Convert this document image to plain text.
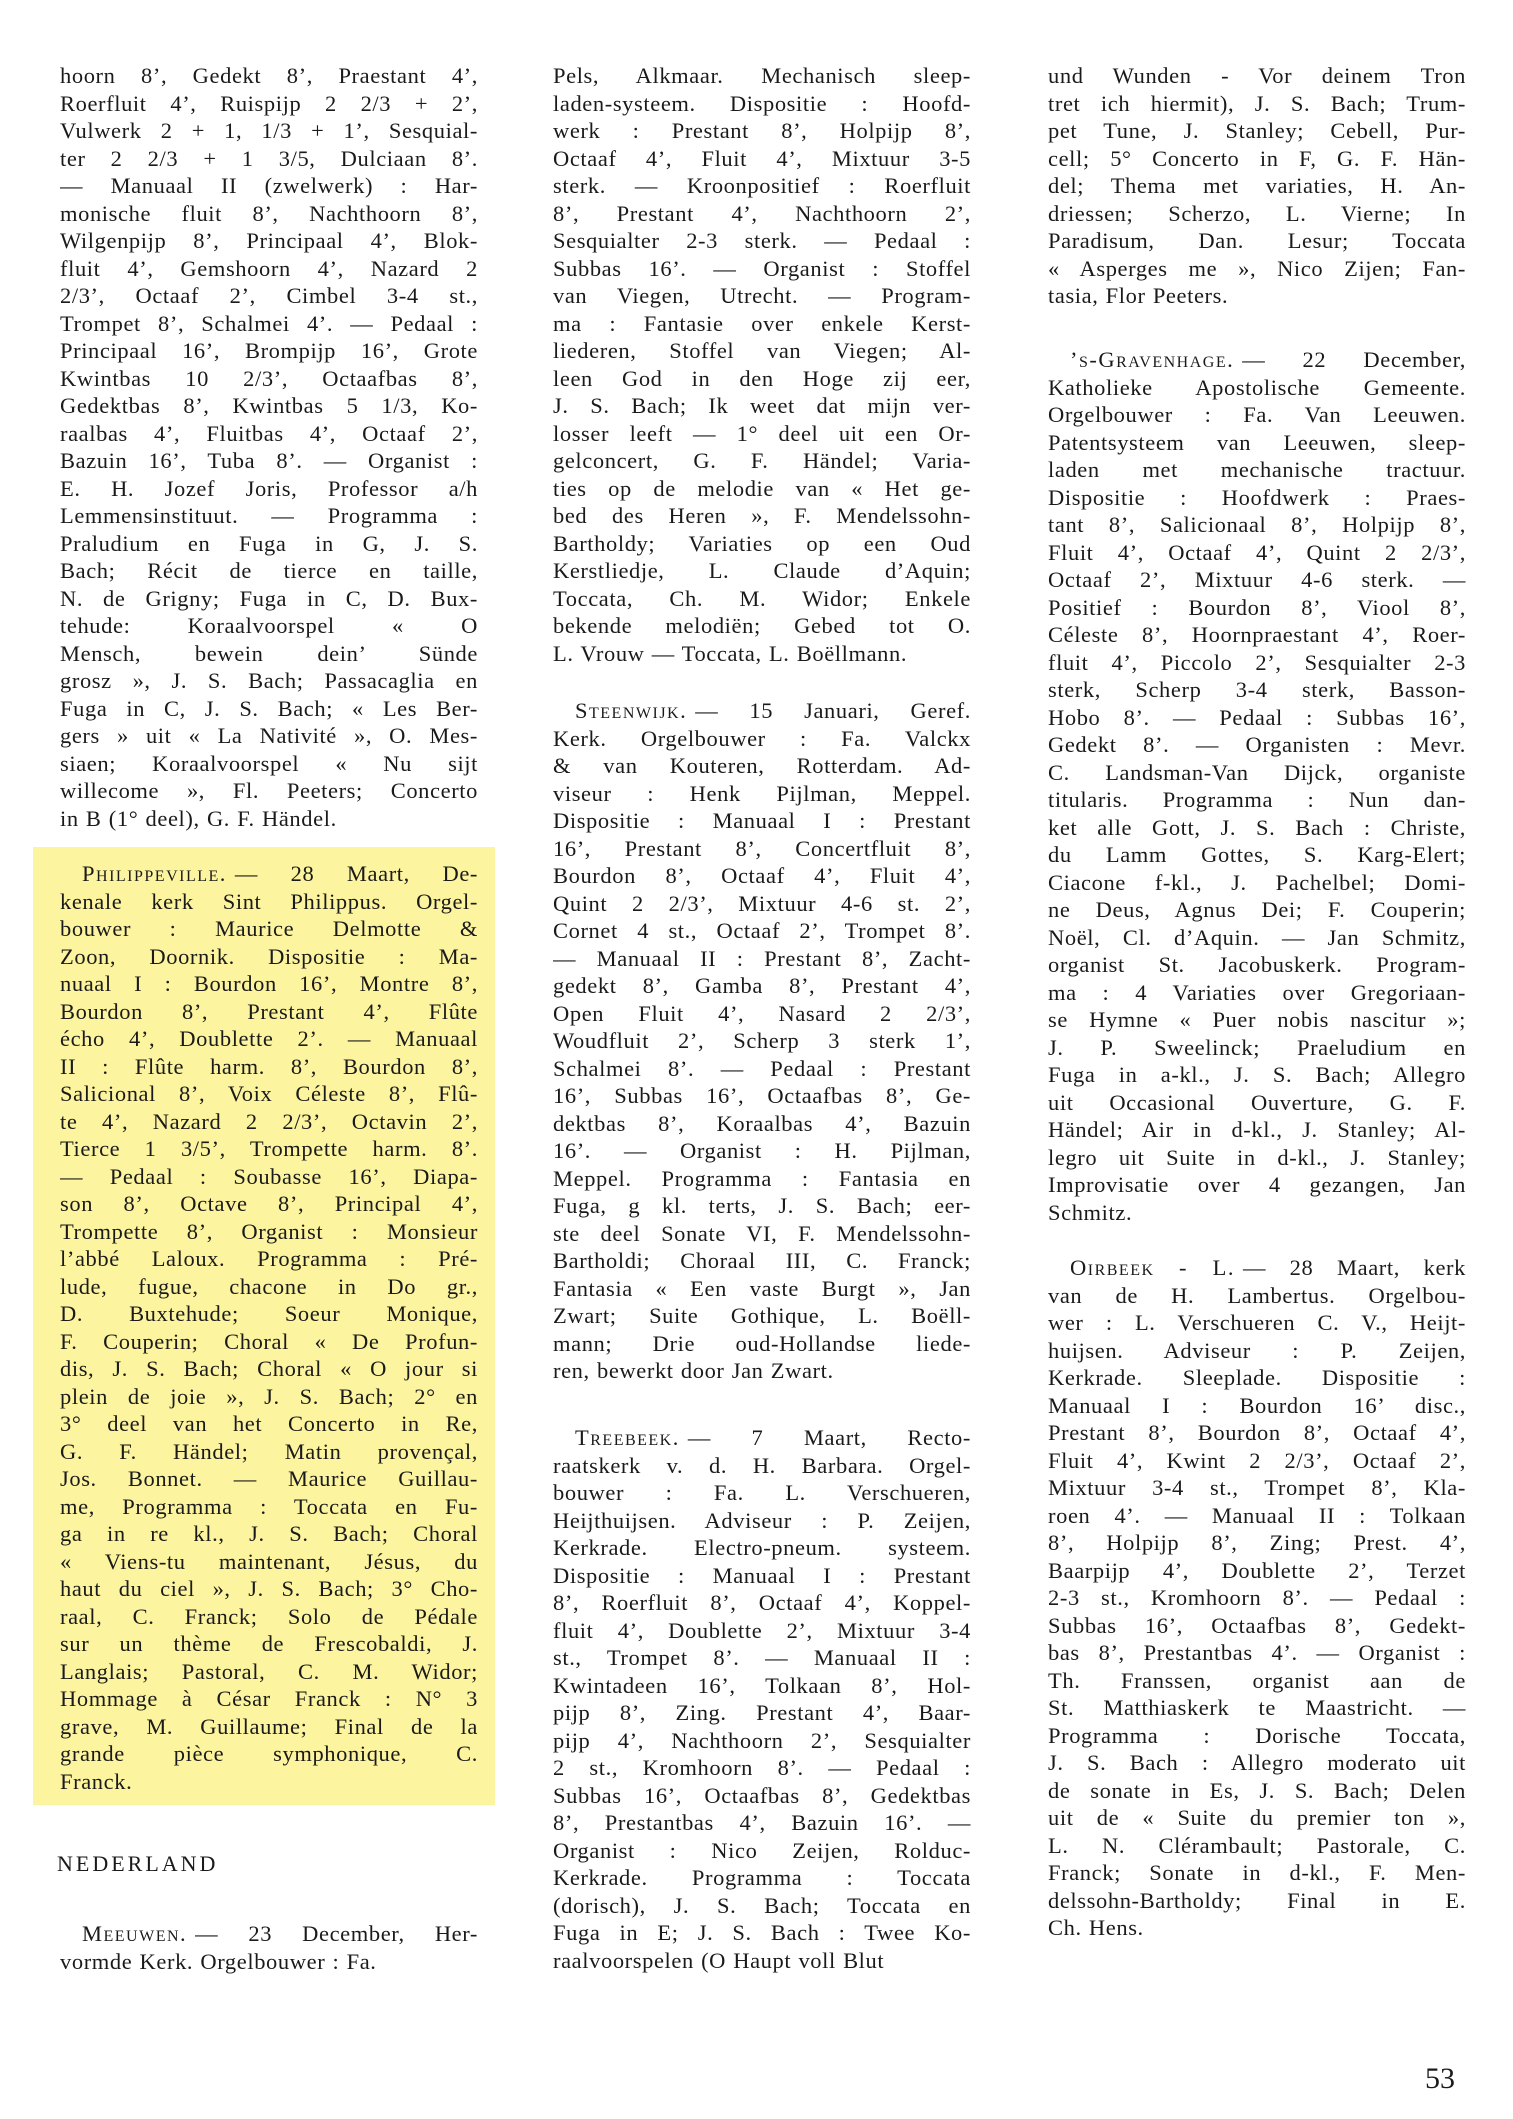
hoorn 8’, Gedekt 8’, Praestant 4’,
Roerfluit 4’, Ruispijp 2 2/3 + 2’,
Vulwerk 2 + 1, 1/3 + 1’, Sesquial-
ter 2 2/3 + 1 3/5, Dulciaan 8’.
— Manuaal II (zwelwerk) : Har-
monische fluit 8’, Nachthoorn 8’,
Wilgenpijp 8’, Principaal 4’, Blok-
fluit 4’, Gemshoorn 4’, Nazard 2
2/3’, Octaaf 2’, Cimbel 3-4 st.,
Trompet 8’, Schalmei 4’. — Pedaal :
Principaal 16’, Brompijp 16’, Grote
Kwintbas 10 2/3’, Octaafbas 8’,
Gedektbas 8’, Kwintbas 5 1/3, Ko-
raalbas 4’, Fluitbas 4’, Octaaf 2’,
Bazuin 16’, Tuba 8’. — Organist :
E. H. Jozef Joris, Professor a/h
Lemmensinstituut. — Programma :
Praludium en Fuga in G, J. S.
Bach; Récit de tierce en taille,
N. de Grigny; Fuga in C, D. Bux-
tehude: Koraalvoorspel « O
Mensch, bewein dein’ Sünde
grosz », J. S. Bach; Passacaglia en
Fuga in C, J. S. Bach; « Les Ber-
gers » uit « La Nativité », O. Mes-
siaen; Koraalvoorspel « Nu sijt
willecome », Fl. Peeters; Concerto
in B (1° deel), G. F. Händel.
Philippeville. — 28 Maart, De-
kenale kerk Sint Philippus. Orgel-
bouwer : Maurice Delmotte &
Zoon, Doornik. Dispositie : Ma-
nuaal I : Bourdon 16’, Montre 8’,
Bourdon 8’, Prestant 4’, Flûte
écho 4’, Doublette 2’. — Manuaal
II : Flûte harm. 8’, Bourdon 8’,
Salicional 8’, Voix Céleste 8’, Flû-
te 4’, Nazard 2 2/3’, Octavin 2’,
Tierce 1 3/5’, Trompette harm. 8’.
— Pedaal : Soubasse 16’, Diapa-
son 8’, Octave 8’, Principal 4’,
Trompette 8’, Organist : Monsieur
l’abbé Laloux. Programma : Pré-
lude, fugue, chacone in Do gr.,
D. Buxtehude; Soeur Monique,
F. Couperin; Choral « De Profun-
dis, J. S. Bach; Choral « O jour si
plein de joie », J. S. Bach; 2° en
3° deel van het Concerto in Re,
G. F. Händel; Matin provençal,
Jos. Bonnet. — Maurice Guillau-
me, Programma : Toccata en Fu-
ga in re kl., J. S. Bach; Choral
« Viens-tu maintenant, Jésus, du
haut du ciel », J. S. Bach; 3° Cho-
raal, C. Franck; Solo de Pédale
sur un thème de Frescobaldi, J.
Langlais; Pastoral, C. M. Widor;
Hommage à César Franck : N° 3
grave, M. Guillaume; Final de la
grande pièce symphonique, C.
Franck.
Meeuwen. — 23 December, Her-
vormde Kerk. Orgelbouwer : Fa.
NEDERLAND
Pels, Alkmaar. Mechanisch sleep-
laden-systeem. Dispositie : Hoofd-
werk : Prestant 8’, Holpijp 8’,
Octaaf 4’, Fluit 4’, Mixtuur 3-5
sterk. — Kroonpositief : Roerfluit
8’, Prestant 4’, Nachthoorn 2’,
Sesquialter 2-3 sterk. — Pedaal :
Subbas 16’. — Organist : Stoffel
van Viegen, Utrecht. — Program-
ma : Fantasie over enkele Kerst-
liederen, Stoffel van Viegen; Al-
leen God in den Hoge zij eer,
J. S. Bach; Ik weet dat mijn ver-
losser leeft — 1° deel uit een Or-
gelconcert, G. F. Händel; Varia-
ties op de melodie van « Het ge-
bed des Heren », F. Mendelssohn-
Bartholdy; Variaties op een Oud
Kerstliedje, L. Claude d’Aquin;
Toccata, Ch. M. Widor; Enkele
bekende melodiën; Gebed tot O.
L. Vrouw — Toccata, L. Boëllmann.
Steenwijk. — 15 Januari, Geref.
Kerk. Orgelbouwer : Fa. Valckx
& van Kouteren, Rotterdam. Ad-
viseur : Henk Pijlman, Meppel.
Dispositie : Manuaal I : Prestant
16’, Prestant 8’, Concertfluit 8’,
Bourdon 8’, Octaaf 4’, Fluit 4’,
Quint 2 2/3’, Mixtuur 4-6 st. 2’,
Cornet 4 st., Octaaf 2’, Trompet 8’.
— Manuaal II : Prestant 8’, Zacht-
gedekt 8’, Gamba 8’, Prestant 4’,
Open Fluit 4’, Nasard 2 2/3’,
Woudfluit 2’, Scherp 3 sterk 1’,
Schalmei 8’. — Pedaal : Prestant
16’, Subbas 16’, Octaafbas 8’, Ge-
dektbas 8’, Koraalbas 4’, Bazuin
16’. — Organist : H. Pijlman,
Meppel. Programma : Fantasia en
Fuga, g kl. terts, J. S. Bach; eer-
ste deel Sonate VI, F. Mendelssohn-
Bartholdi; Choraal III, C. Franck;
Fantasia « Een vaste Burgt », Jan
Zwart; Suite Gothique, L. Boëll-
mann; Drie oud-Hollandse liede-
ren, bewerkt door Jan Zwart.
Treebeek. — 7 Maart, Recto-
raatskerk v. d. H. Barbara. Orgel-
bouwer : Fa. L. Verschueren,
Heijthuijsen. Adviseur : P. Zeijen,
Kerkrade. Electro-pneum. systeem.
Dispositie : Manuaal I : Prestant
8’, Roerfluit 8’, Octaaf 4’, Koppel-
fluit 4’, Doublette 2’, Mixtuur 3-4
st., Trompet 8’. — Manuaal II :
Kwintadeen 16’, Tolkaan 8’, Hol-
pijp 8’, Zing. Prestant 4’, Baar-
pijp 4’, Nachthoorn 2’, Sesquialter
2 st., Kromhoorn 8’. — Pedaal :
Subbas 16’, Octaafbas 8’, Gedektbas
8’, Prestantbas 4’, Bazuin 16’. —
Organist : Nico Zeijen, Rolduc-
Kerkrade. Programma : Toccata
(dorisch), J. S. Bach; Toccata en
Fuga in E; J. S. Bach : Twee Ko-
raalvoorspelen (O Haupt voll Blut
und Wunden - Vor deinem Tron
tret ich hiermit), J. S. Bach; Trum-
pet Tune, J. Stanley; Cebell, Pur-
cell; 5° Concerto in F, G. F. Hän-
del; Thema met variaties, H. An-
driessen; Scherzo, L. Vierne; In
Paradisum, Dan. Lesur; Toccata
« Asperges me », Nico Zijen; Fan-
tasia, Flor Peeters.
’s-Gravenhage. — 22 December,
Katholieke Apostolische Gemeente.
Orgelbouwer : Fa. Van Leeuwen.
Patentsysteem van Leeuwen, sleep-
laden met mechanische tractuur.
Dispositie : Hoofdwerk : Praes-
tant 8’, Salicionaal 8’, Holpijp 8’,
Fluit 4’, Octaaf 4’, Quint 2 2/3’,
Octaaf 2’, Mixtuur 4-6 sterk. —
Positief : Bourdon 8’, Viool 8’,
Céleste 8’, Hoornpraestant 4’, Roer-
fluit 4’, Piccolo 2’, Sesquialter 2-3
sterk, Scherp 3-4 sterk, Basson-
Hobo 8’. — Pedaal : Subbas 16’,
Gedekt 8’. — Organisten : Mevr.
C. Landsman-Van Dijck, organiste
titularis. Programma : Nun dan-
ket alle Gott, J. S. Bach : Christe,
du Lamm Gottes, S. Karg-Elert;
Ciacone f-kl., J. Pachelbel; Domi-
ne Deus, Agnus Dei; F. Couperin;
Noël, Cl. d’Aquin. — Jan Schmitz,
organist St. Jacobuskerk. Program-
ma : 4 Variaties over Gregoriaan-
se Hymne « Puer nobis nascitur »;
J. P. Sweelinck; Praeludium en
Fuga in a-kl., J. S. Bach; Allegro
uit Occasional Ouverture, G. F.
Händel; Air in d-kl., J. Stanley; Al-
legro uit Suite in d-kl., J. Stanley;
Improvisatie over 4 gezangen, Jan
Schmitz.
Oirbeek - L. — 28 Maart, kerk
van de H. Lambertus. Orgelbou-
wer : L. Verschueren C. V., Heijt-
huijsen. Adviseur : P. Zeijen,
Kerkrade. Sleeplade. Dispositie :
Manuaal I : Bourdon 16’ disc.,
Prestant 8’, Bourdon 8’, Octaaf 4’,
Fluit 4’, Kwint 2 2/3’, Octaaf 2’,
Mixtuur 3-4 st., Trompet 8’, Kla-
roen 4’. — Manuaal II : Tolkaan
8’, Holpijp 8’, Zing; Prest. 4’,
Baarpijp 4’, Doublette 2’, Terzet
2-3 st., Kromhoorn 8’. — Pedaal :
Subbas 16’, Octaafbas 8’, Gedekt-
bas 8’, Prestantbas 4’. — Organist :
Th. Franssen, organist aan de
St. Matthiaskerk te Maastricht. —
Programma : Dorische Toccata,
J. S. Bach : Allegro moderato uit
de sonate in Es, J. S. Bach; Delen
uit de « Suite du premier ton »,
L. N. Clérambault; Pastorale, C.
Franck; Sonate in d-kl., F. Men-
delssohn-Bartholdy; Final in E.
Ch. Hens.
53
